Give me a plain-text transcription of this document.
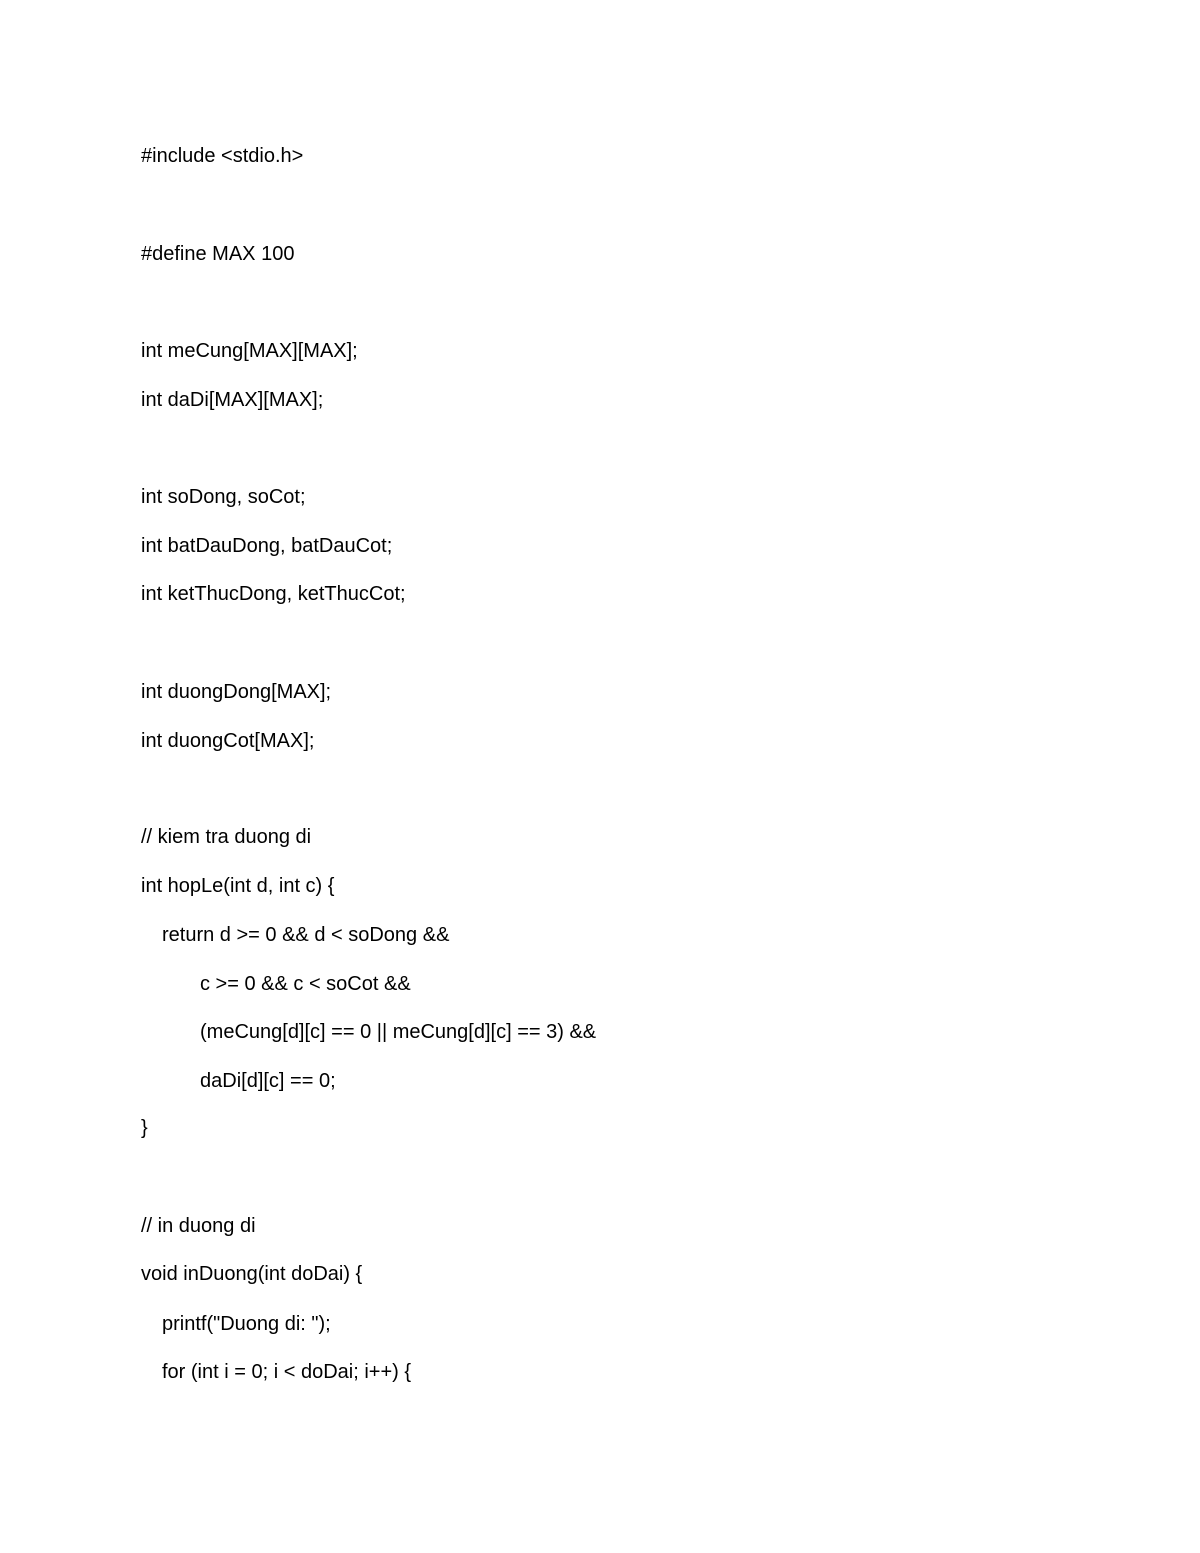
#include <stdio.h>
#define MAX 100
int meCung[MAX][MAX];
int daDi[MAX][MAX];
int soDong, soCot;
int batDauDong, batDauCot;
int ketThucDong, ketThucCot;
int duongDong[MAX];
int duongCot[MAX];
// kiem tra duong di
int hopLe(int d, int c) {
return d >= 0 && d < soDong &&
c >= 0 && c < soCot &&
(meCung[d][c] == 0 || meCung[d][c] == 3) &&
daDi[d][c] == 0;
}
// in duong di
void inDuong(int doDai) {
printf("Duong di: ");
for (int i = 0; i < doDai; i++) {
